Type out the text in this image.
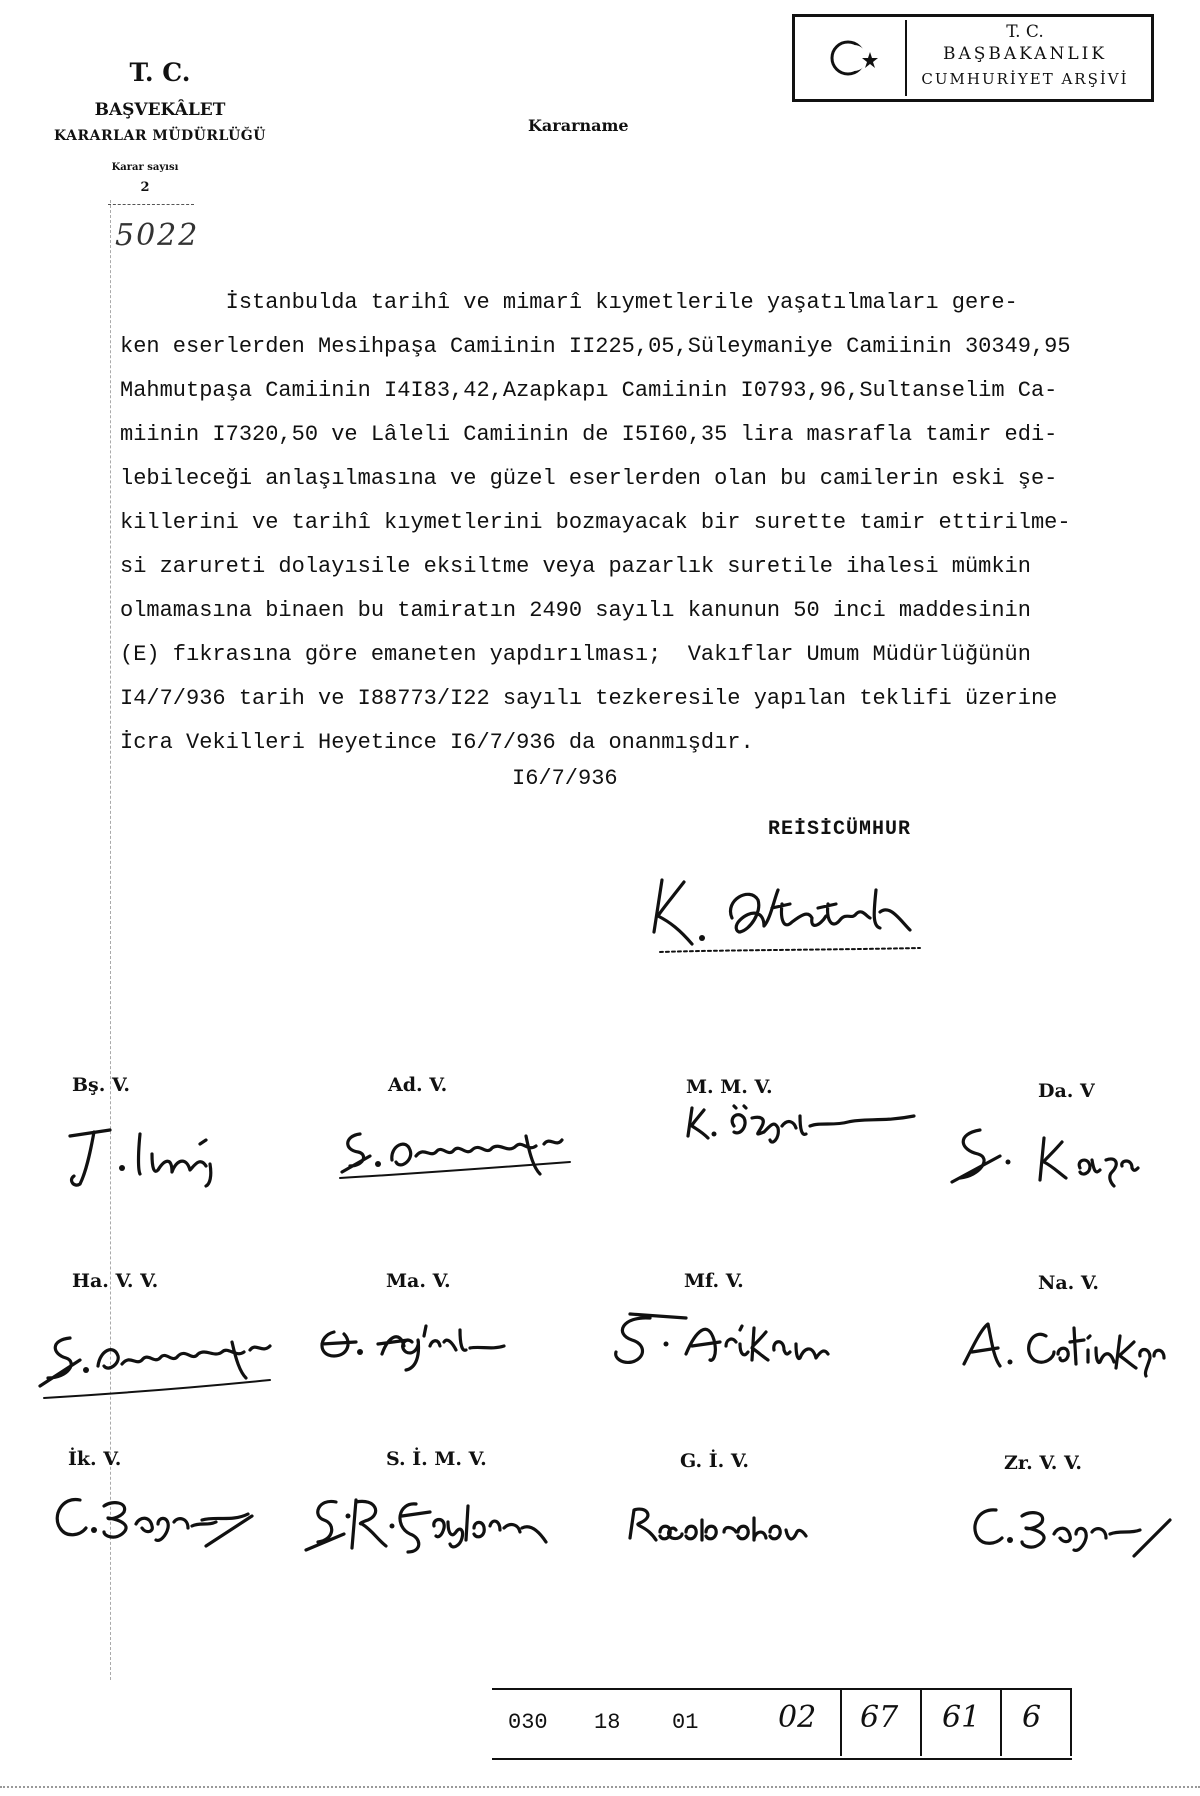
T. C.
BAŞVEKÂLET
KARARLAR MÜDÜRLÜĞÜ
Karar sayısı
2
Kararname
5022
T. C.
BAŞBAKANLIK
CUMHURİYET ARŞİVİ
İstanbulda tarihî ve mimarî kıymetlerile yaşatılmaları gere-
ken eserlerden Mesihpaşa Camiinin II225,05,Süleymaniye Camiinin 30349,95
Mahmutpaşa Camiinin I4I83,42,Azapkapı Camiinin I0793,96,Sultanselim Ca-
miinin I7320,50 ve Lâleli Camiinin de I5I60,35 lira masrafla tamir edi-
lebileceği anlaşılmasına ve güzel eserlerden olan bu camilerin eski şe-
killerini ve tarihî kıymetlerini bozmayacak bir surette tamir ettirilme-
si zarureti dolayısile eksiltme veya pazarlık suretile ihalesi mümkin
olmamasına binaen bu tamiratın 2490 sayılı kanunun 50 inci maddesinin
(E) fıkrasına göre emaneten yapdırılması;  Vakıflar Umum Müdürlüğünün
I4/7/936 tarih ve I88773/I22 sayılı tezkeresile yapılan teklifi üzerine
İcra Vekilleri Heyetince I6/7/936 da onanmışdır.
I6/7/936
REİSİCÜMHUR
Bş. V.	Ad. V.	M. M. V.	Da. V
Ha. V. V.	Ma. V.	Mf. V.	Na. V.
İk. V.	S. İ. M. V.	G. İ. V.	Zr. V. V.
030 18 01	02 67 61 6
